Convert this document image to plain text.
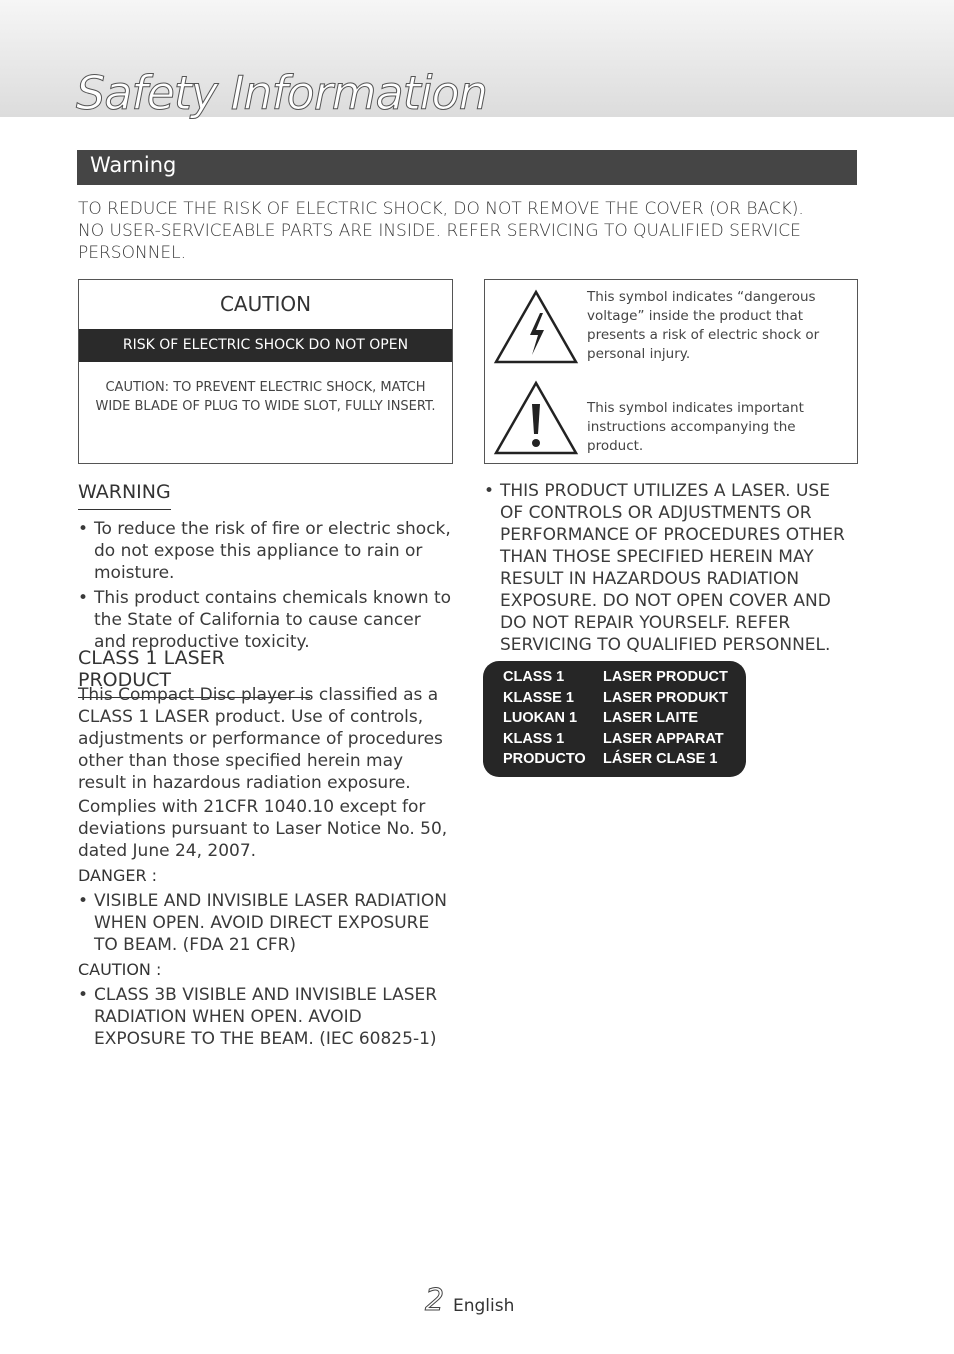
Safety Information
Warning
TO REDUCE THE RISK OF ELECTRIC SHOCK, DO NOT REMOVE THE COVER (OR BACK).
NO USER-SERVICEABLE PARTS ARE INSIDE. REFER SERVICING TO QUALIFIED SERVICE
PERSONNEL.
CAUTION
RISK OF ELECTRIC SHOCK DO NOT OPEN
CAUTION: TO PREVENT ELECTRIC SHOCK, MATCH WIDE BLADE OF PLUG TO WIDE SLOT, FULLY INSERT.
This symbol indicates “dangerous voltage” inside the product that presents a risk of electric shock or personal injury.
This symbol indicates important instructions accompanying the product.
WARNING
• To reduce the risk of fire or electric shock, do not expose this appliance to rain or moisture.
• This product contains chemicals known to the State of California to cause cancer and reproductive toxicity.
CLASS 1 LASER PRODUCT

This Compact Disc player is classified as a CLASS 1 LASER product. Use of controls, adjustments or performance of procedures other than those specified herein may result in hazardous radiation exposure.

Complies with 21CFR 1040.10 except for deviations pursuant to Laser Notice No. 50, dated June 24, 2007.

DANGER :
• VISIBLE AND INVISIBLE LASER RADIATION WHEN OPEN. AVOID DIRECT EXPOSURE TO BEAM. (FDA 21 CFR)
CAUTION :
• CLASS 3B VISIBLE AND INVISIBLE LASER RADIATION WHEN OPEN. AVOID EXPOSURE TO THE BEAM. (IEC 60825-1)
• THIS PRODUCT UTILIZES A LASER. USE OF CONTROLS OR ADJUSTMENTS OR PERFORMANCE OF PROCEDURES OTHER THAN THOSE SPECIFIED HEREIN MAY RESULT IN HAZARDOUS RADIATION EXPOSURE. DO NOT OPEN COVER AND DO NOT REPAIR YOURSELF. REFER SERVICING TO QUALIFIED PERSONNEL.
CLASS 1	LASER PRODUCT
KLASSE 1 LASER PRODUKT
LUOKAN 1 LASER LAITE
KLASS 1	LASER APPARAT
PRODUCTO LÁSER CLASE 1
2 English
